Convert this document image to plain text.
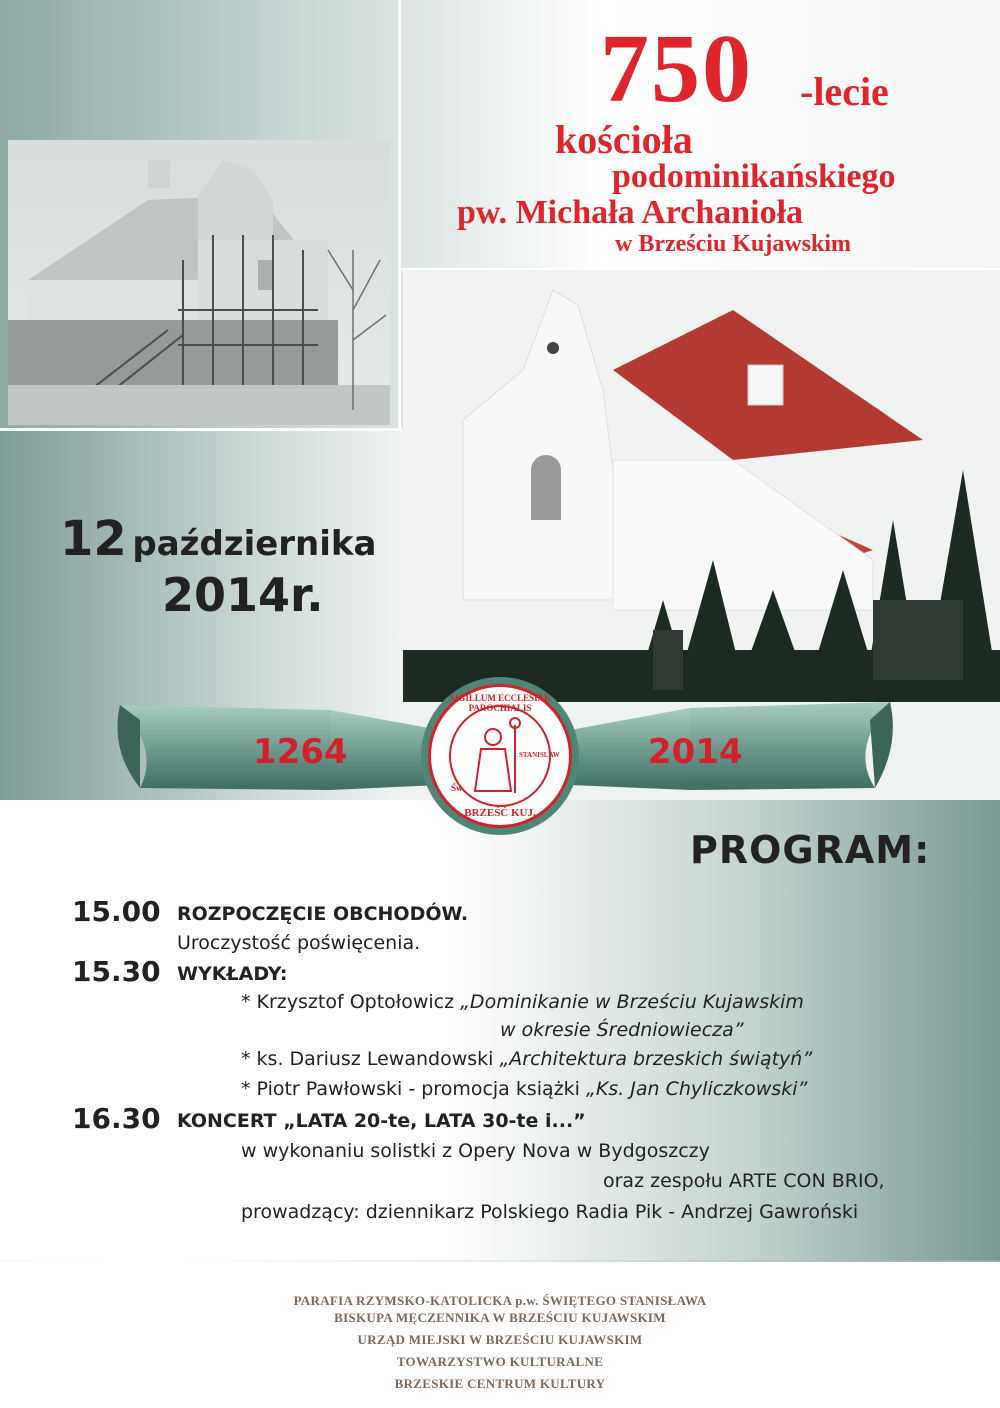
750 -lecie
kościoła
podominikańskiego
pw. Michała Archanioła
w Brześciu Kujawskim
12 października
2014r.
1264	2014
SIGILLUM ECCLESIAE PAROCHIALIS
BRZEŚĆ KUJ.
Św.
STANISLAW
PROGRAM:
15.00 ROZPOCZĘCIE OBCHODÓW.
Uroczystość poświęcenia.
15.30 WYKŁADY:
* Krzysztof Optołowicz „Dominikanie w Brześciu Kujawskim
w okresie Średniowiecza”
* ks. Dariusz Lewandowski „Architektura brzeskich świątyń”
* Piotr Pawłowski - promocja książki „Ks. Jan Chyliczkowski”
16.30 KONCERT „LATA 20-te, LATA 30-te i...”
w wykonaniu solistki z Opery Nova w Bydgoszczy
oraz zespołu ARTE CON BRIO,
prowadzący: dziennikarz Polskiego Radia Pik - Andrzej Gawroński
PARAFIA RZYMSKO-KATOLICKA p.w. ŚWIĘTEGO STANISŁAWA
BISKUPA MĘCZENNIKA W BRZEŚCIU KUJAWSKIM
URZĄD MIEJSKI W BRZEŚCIU KUJAWSKIM
TOWARZYSTWO KULTURALNE
BRZESKIE CENTRUM KULTURY
